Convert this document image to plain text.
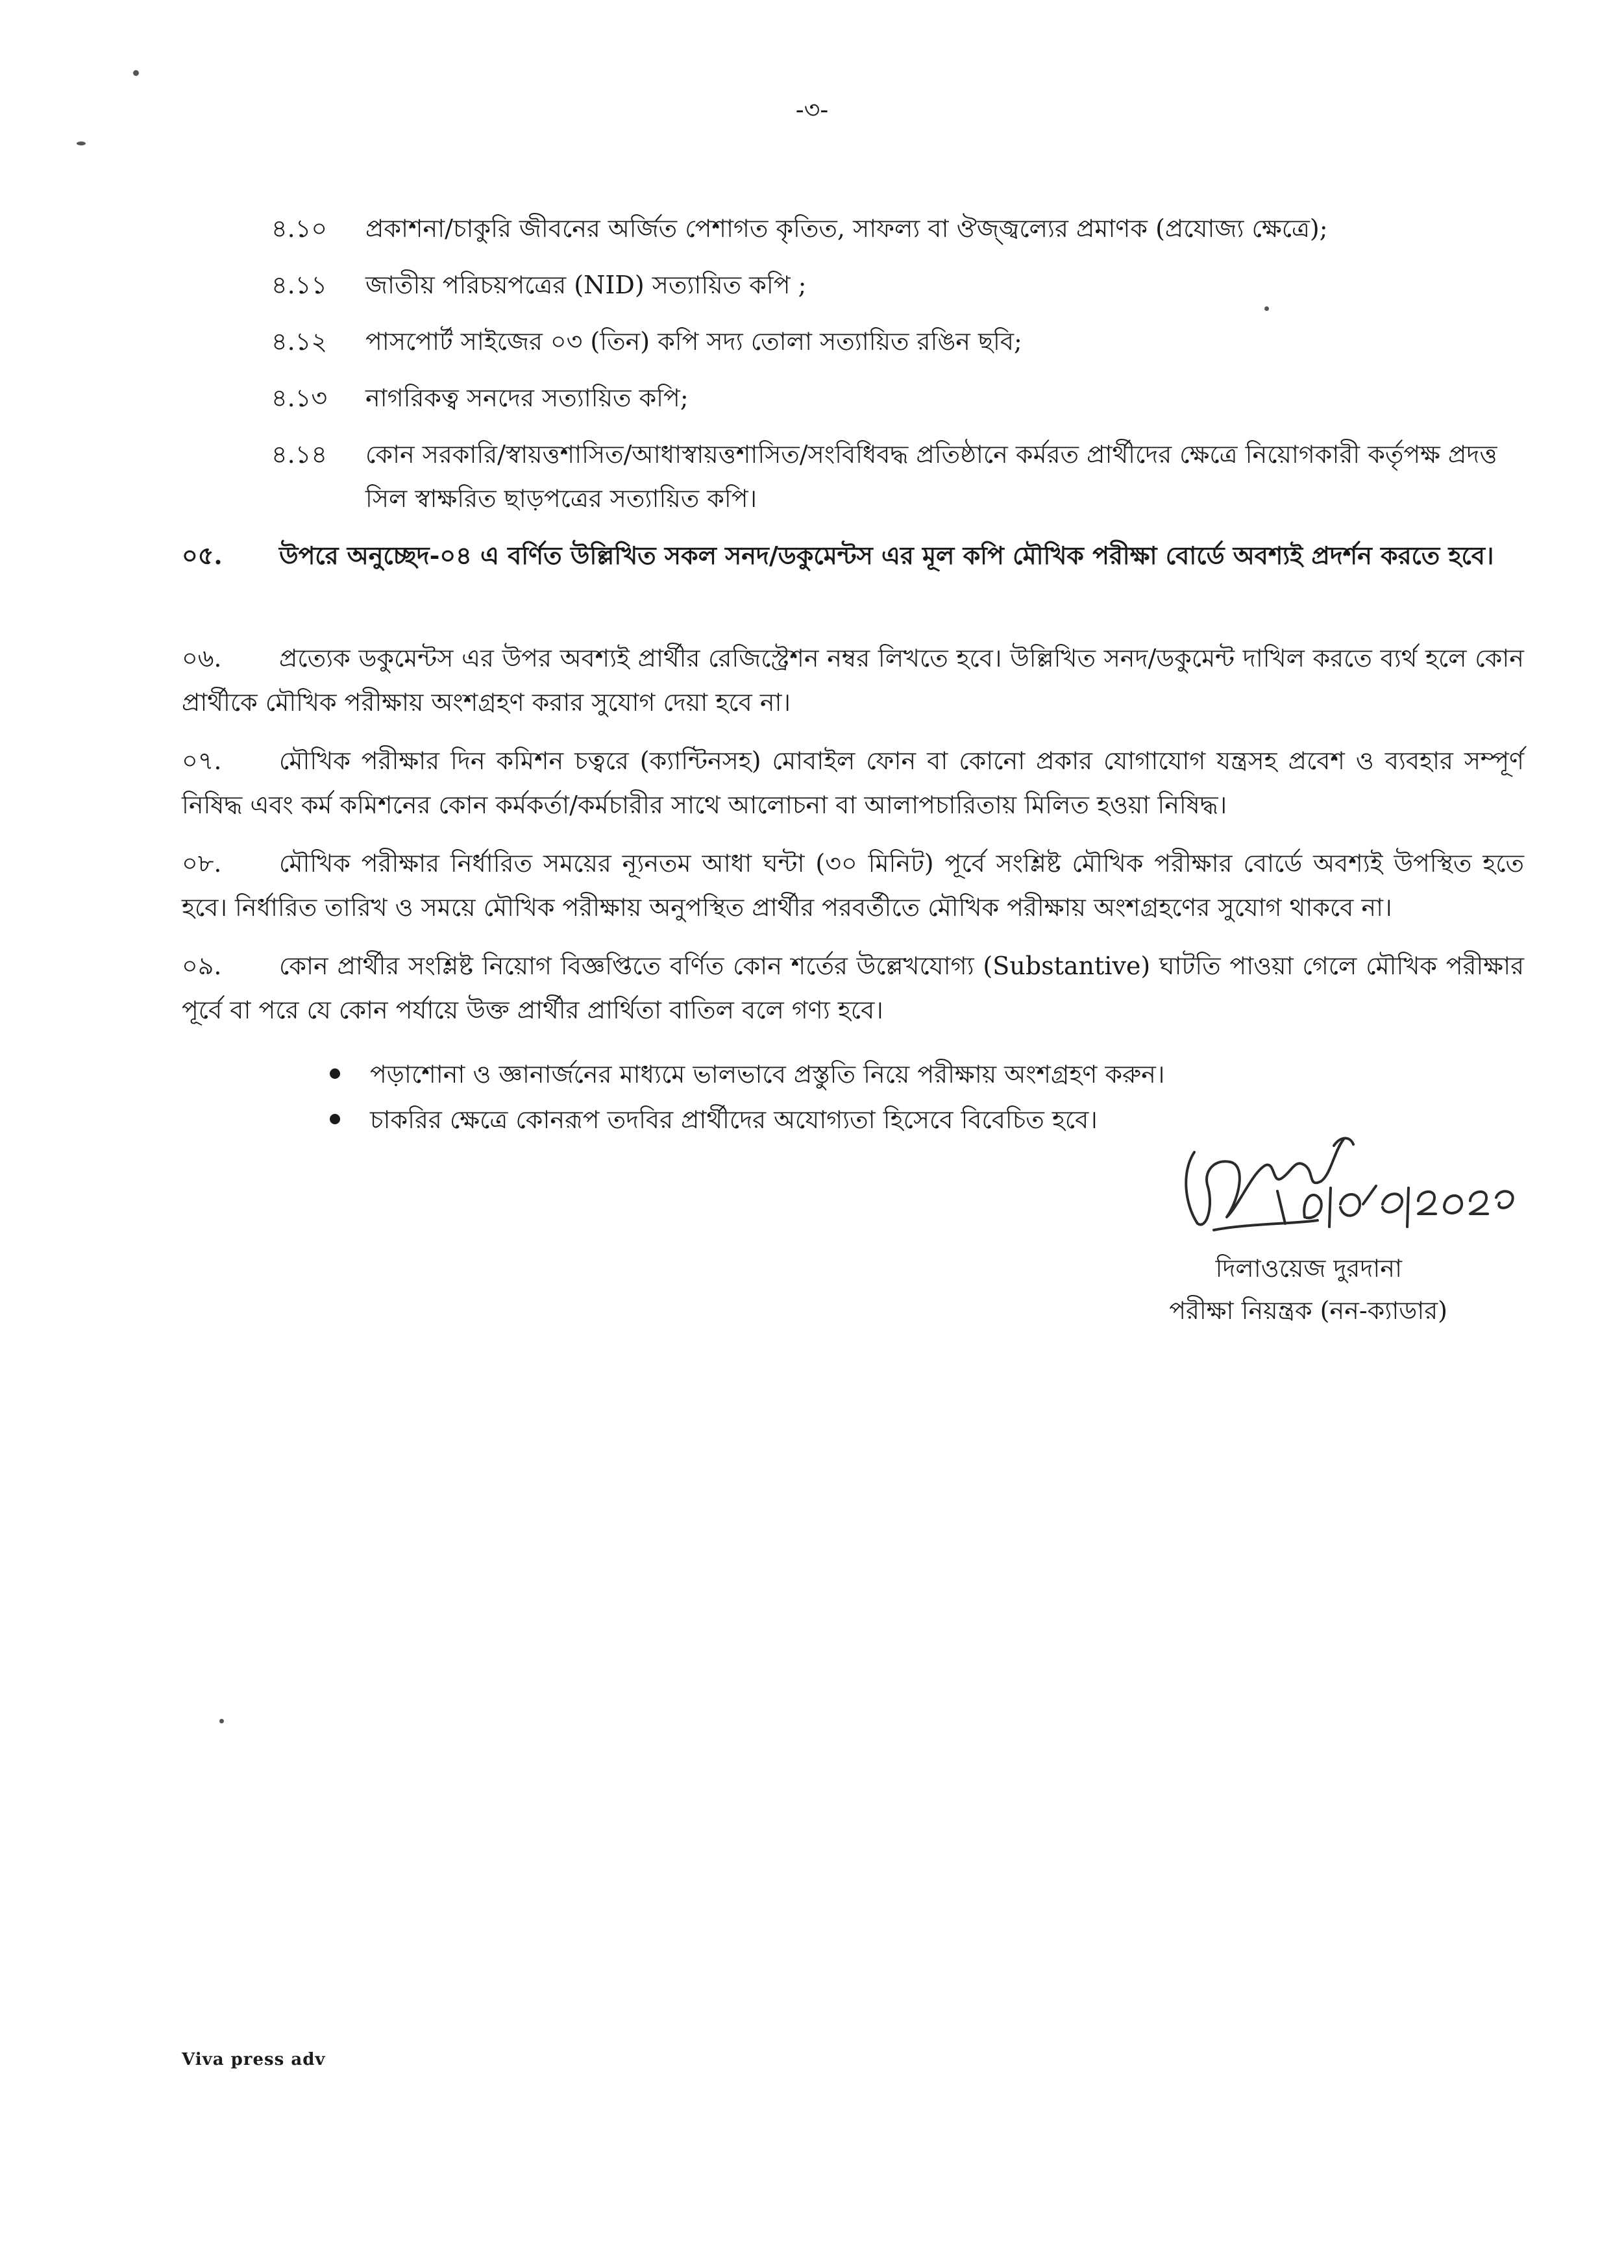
-৩-
৪.১০	প্রকাশনা/চাকুরি জীবনের অর্জিত পেশাগত কৃতিত, সাফল্য বা ঔজ্জ্বল্যের প্রমাণক (প্রযোজ্য ক্ষেত্রে);
৪.১১	জাতীয় পরিচয়পত্রের (NID) সত্যায়িত কপি ;
৪.১২	পাসপোর্ট সাইজের ০৩ (তিন) কপি সদ্য তোলা সত্যায়িত রঙিন ছবি;
৪.১৩	নাগরিকত্ব সনদের সত্যায়িত কপি;
৪.১৪	কোন সরকারি/স্বায়ত্তশাসিত/আধাস্বায়ত্তশাসিত/সংবিধিবদ্ধ প্রতিষ্ঠানে কর্মরত প্রার্থীদের ক্ষেত্রে নিয়োগকারী কর্তৃপক্ষ প্রদত্ত সিল স্বাক্ষরিত ছাড়পত্রের সত্যায়িত কপি।
০৫. উপরে অনুচ্ছেদ-০৪ এ বর্ণিত উল্লিখিত সকল সনদ/ডকুমেন্টস এর মূল কপি মৌখিক পরীক্ষা বোর্ডে অবশ্যই প্রদর্শন করতে হবে।
০৬. প্রত্যেক ডকুমেন্টস এর উপর অবশ্যই প্রার্থীর রেজিস্ট্রেশন নম্বর লিখতে হবে। উল্লিখিত সনদ/ডকুমেন্ট দাখিল করতে ব্যর্থ হলে কোন প্রার্থীকে মৌখিক পরীক্ষায় অংশগ্রহণ করার সুযোগ দেয়া হবে না।
০৭. মৌখিক পরীক্ষার দিন কমিশন চত্বরে (ক্যান্টিনসহ) মোবাইল ফোন বা কোনো প্রকার যোগাযোগ যন্ত্রসহ প্রবেশ ও ব্যবহার সম্পূর্ণ নিষিদ্ধ এবং কর্ম কমিশনের কোন কর্মকর্তা/কর্মচারীর সাথে আলোচনা বা আলাপচারিতায় মিলিত হওয়া নিষিদ্ধ।
০৮. মৌখিক পরীক্ষার নির্ধারিত সময়ের ন্যূনতম আধা ঘন্টা (৩০ মিনিট) পূর্বে সংশ্লিষ্ট মৌখিক পরীক্ষার বোর্ডে অবশ্যই উপস্থিত হতে হবে। নির্ধারিত তারিখ ও সময়ে মৌখিক পরীক্ষায় অনুপস্থিত প্রার্থীর পরবর্তীতে মৌখিক পরীক্ষায় অংশগ্রহণের সুযোগ থাকবে না।
০৯. কোন প্রার্থীর সংশ্লিষ্ট নিয়োগ বিজ্ঞপ্তিতে বর্ণিত কোন শর্তের উল্লেখযোগ্য (Substantive) ঘাটতি পাওয়া গেলে মৌখিক পরীক্ষার পূর্বে বা পরে যে কোন পর্যায়ে উক্ত প্রার্থীর প্রার্থিতা বাতিল বলে গণ্য হবে।
পড়াশোনা ও জ্ঞানার্জনের মাধ্যমে ভালভাবে প্রস্তুতি নিয়ে পরীক্ষায় অংশগ্রহণ করুন।
চাকরির ক্ষেত্রে কোনরূপ তদবির প্রার্থীদের অযোগ্যতা হিসেবে বিবেচিত হবে।
দিলাওয়েজ দুরদানা
পরীক্ষা নিয়ন্ত্রক (নন-ক্যাডার)
Viva press adv
